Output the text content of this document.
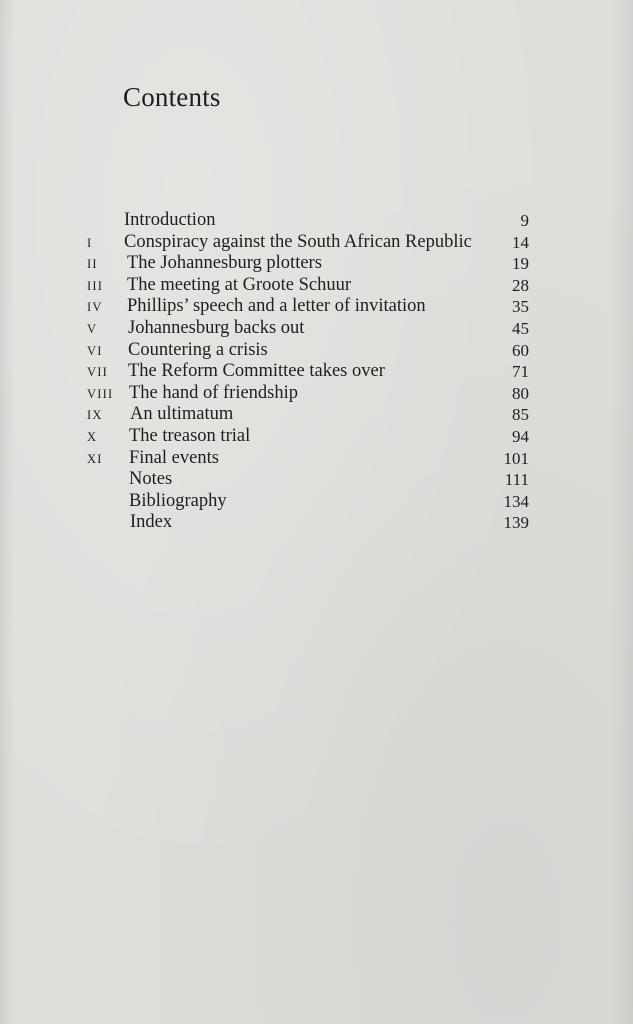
Contents
Introduction	9
I Conspiracy against the South African Republic 14
II The Johannesburg plotters	19
III The meeting at Groote Schuur	28
IV Phillips’ speech and a letter of invitation	35
V Johannesburg backs out	45
VI Countering a crisis	60
VII The Reform Committee takes over	71
VIII The hand of friendship	80
IX An ultimatum	85
X The treason trial	94
XI Final events	101
Notes	111
Bibliography	134
Index	139
